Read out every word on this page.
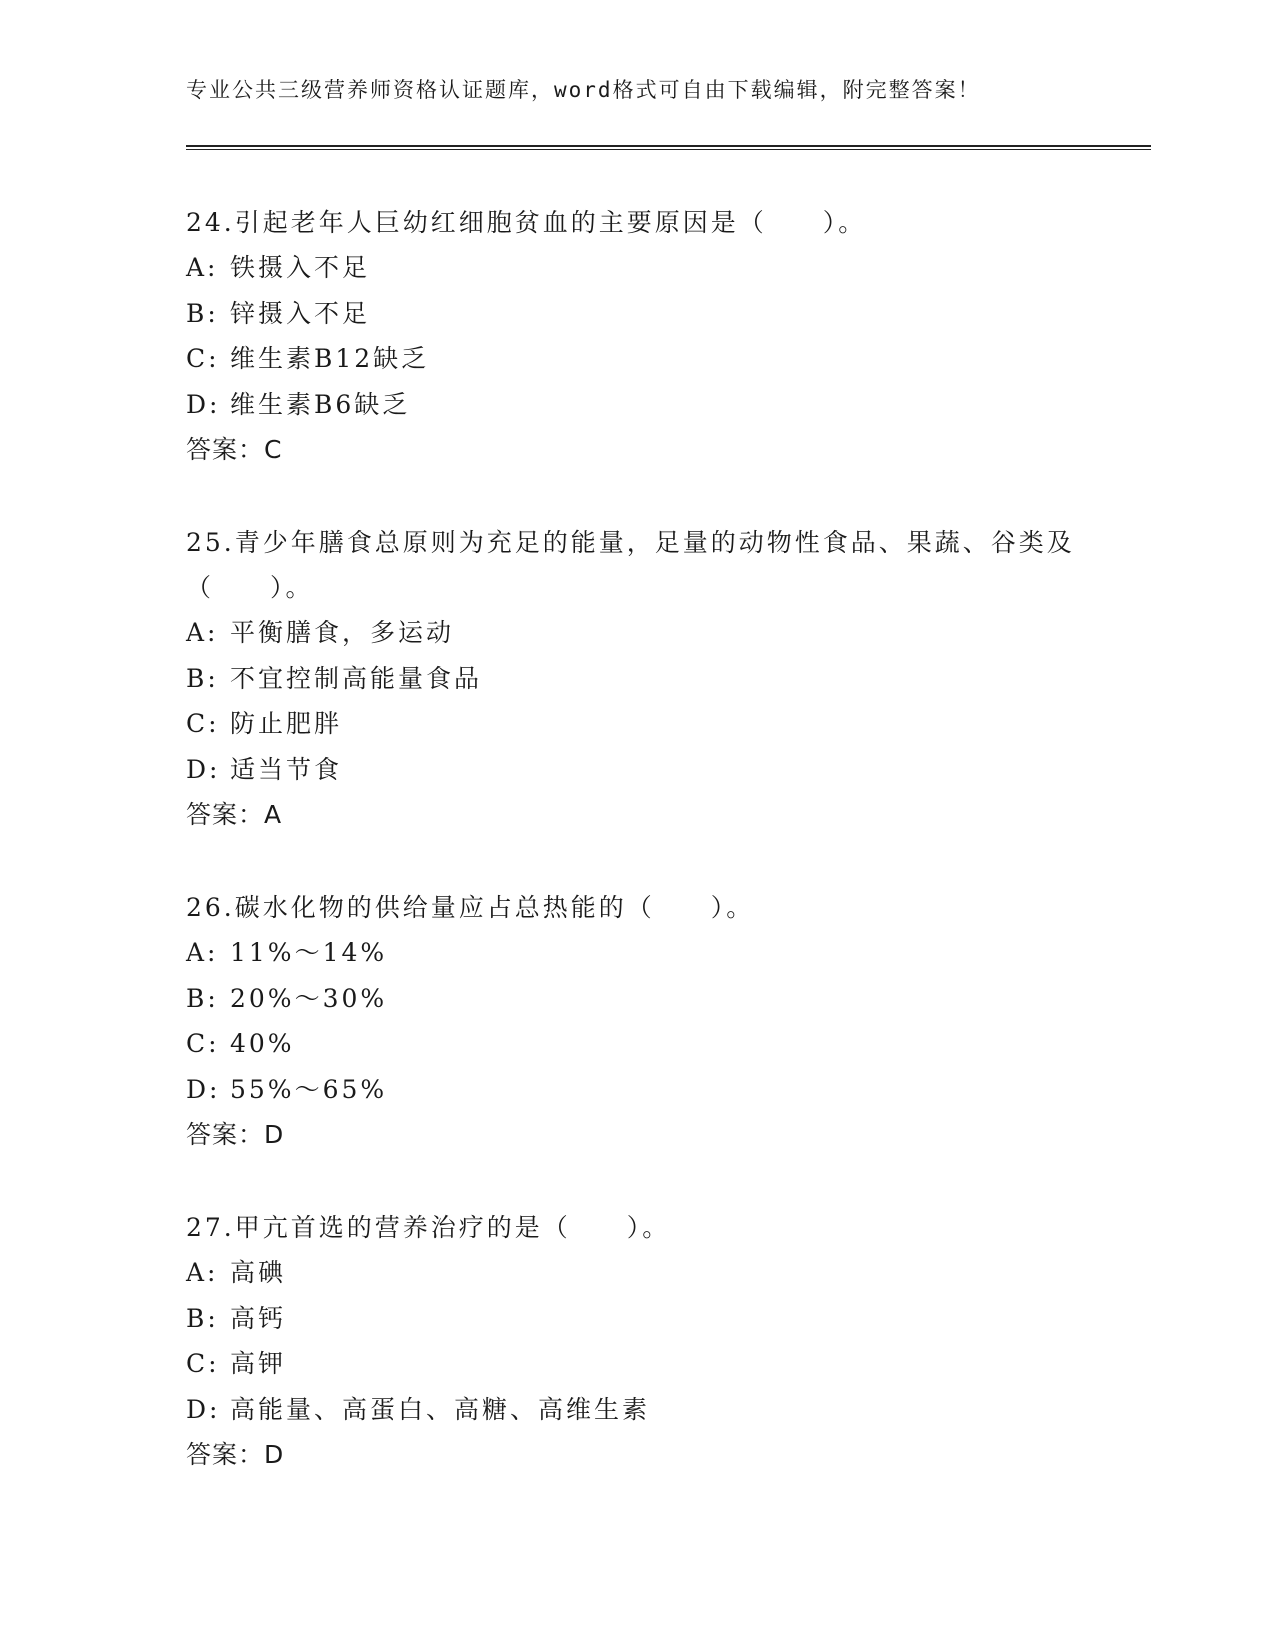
专业公共三级营养师资格认证题库，word格式可自由下载编辑，附完整答案！
24.引起老年人巨幼红细胞贫血的主要原因是（　　）。
A: 铁摄入不足
B: 锌摄入不足
C: 维生素B12缺乏
D: 维生素B6缺乏
答案：C
25.青少年膳食总原则为充足的能量，足量的动物性食品、果蔬、谷类及（　　）。
A: 平衡膳食，多运动
B: 不宜控制高能量食品
C: 防止肥胖
D: 适当节食
答案：A
26.碳水化物的供给量应占总热能的（　　）。
A: 11%～14%
B: 20%～30%
C: 40%
D: 55%～65%
答案：D
27.甲亢首选的营养治疗的是（　　）。
A: 高碘
B: 高钙
C: 高钾
D: 高能量、高蛋白、高糖、高维生素
答案：D
